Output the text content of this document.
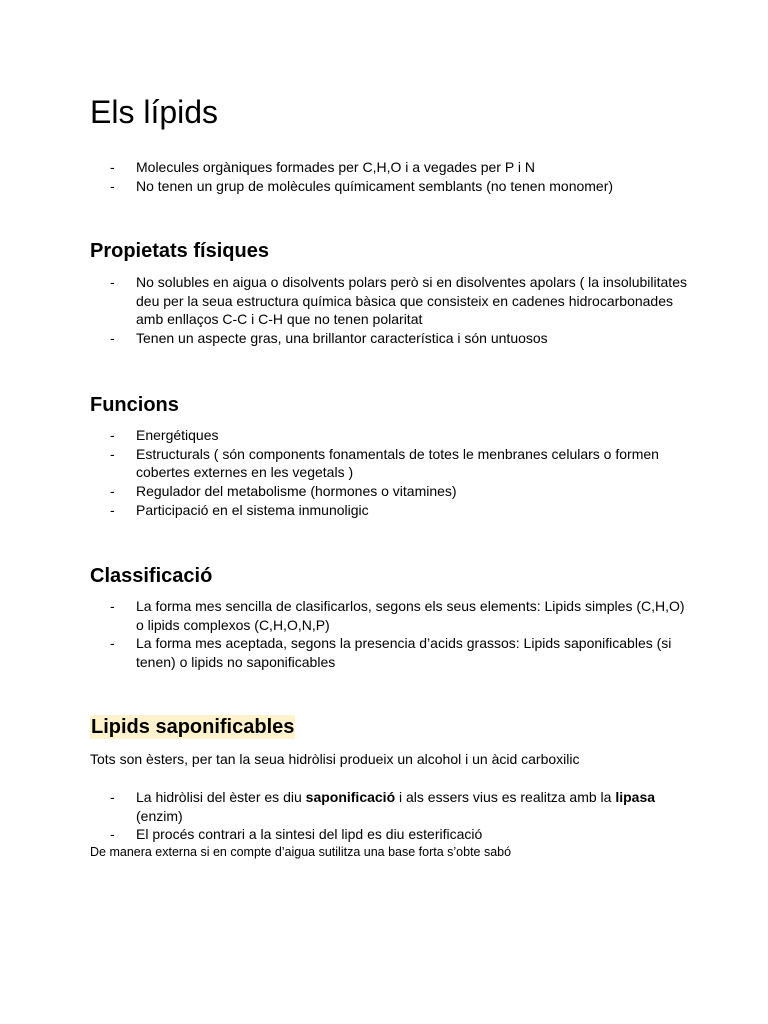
Els lípids
- Molecules orgàniques formades per C,H,O i a vegades per P i N
- No tenen un grup de molècules químicament semblants (no tenen monomer)
Propietats físiques
- No solubles en aigua o disolvents polars però si en disolventes apolars ( la insolubilitates deu per la seua estructura química bàsica que consisteix en cadenes hidrocarbonades amb enllaços C-C i C-H que no tenen polaritat
- Tenen un aspecte gras, una brillantor característica i són untuosos
Funcions
- Energétiques
- Estructurals ( són components fonamentals de totes le menbranes celulars o formen cobertes externes en les vegetals )
- Regulador del metabolisme (hormones o vitamines)
- Participació en el sistema inmunoligic
Classificació
- La forma mes sencilla de clasificarlos, segons els seus elements: Lipids simples (C,H,O) o lipids complexos (C,H,O,N,P)
- La forma mes aceptada, segons la presencia d’acids grassos: Lipids saponificables (si tenen) o lipids no saponificables
Lipids saponificables

Tots son èsters, per tan la seua hidròlisi produeix un alcohol i un àcid carboxilic

- La hidròlisi del èster es diu saponificació i als essers vius es realitza amb la lipasa (enzim)
- El procés contrari a la sintesi del lipd es diu esterificació

De manera externa si en compte d’aigua sutilitza una base forta s’obte sabó
